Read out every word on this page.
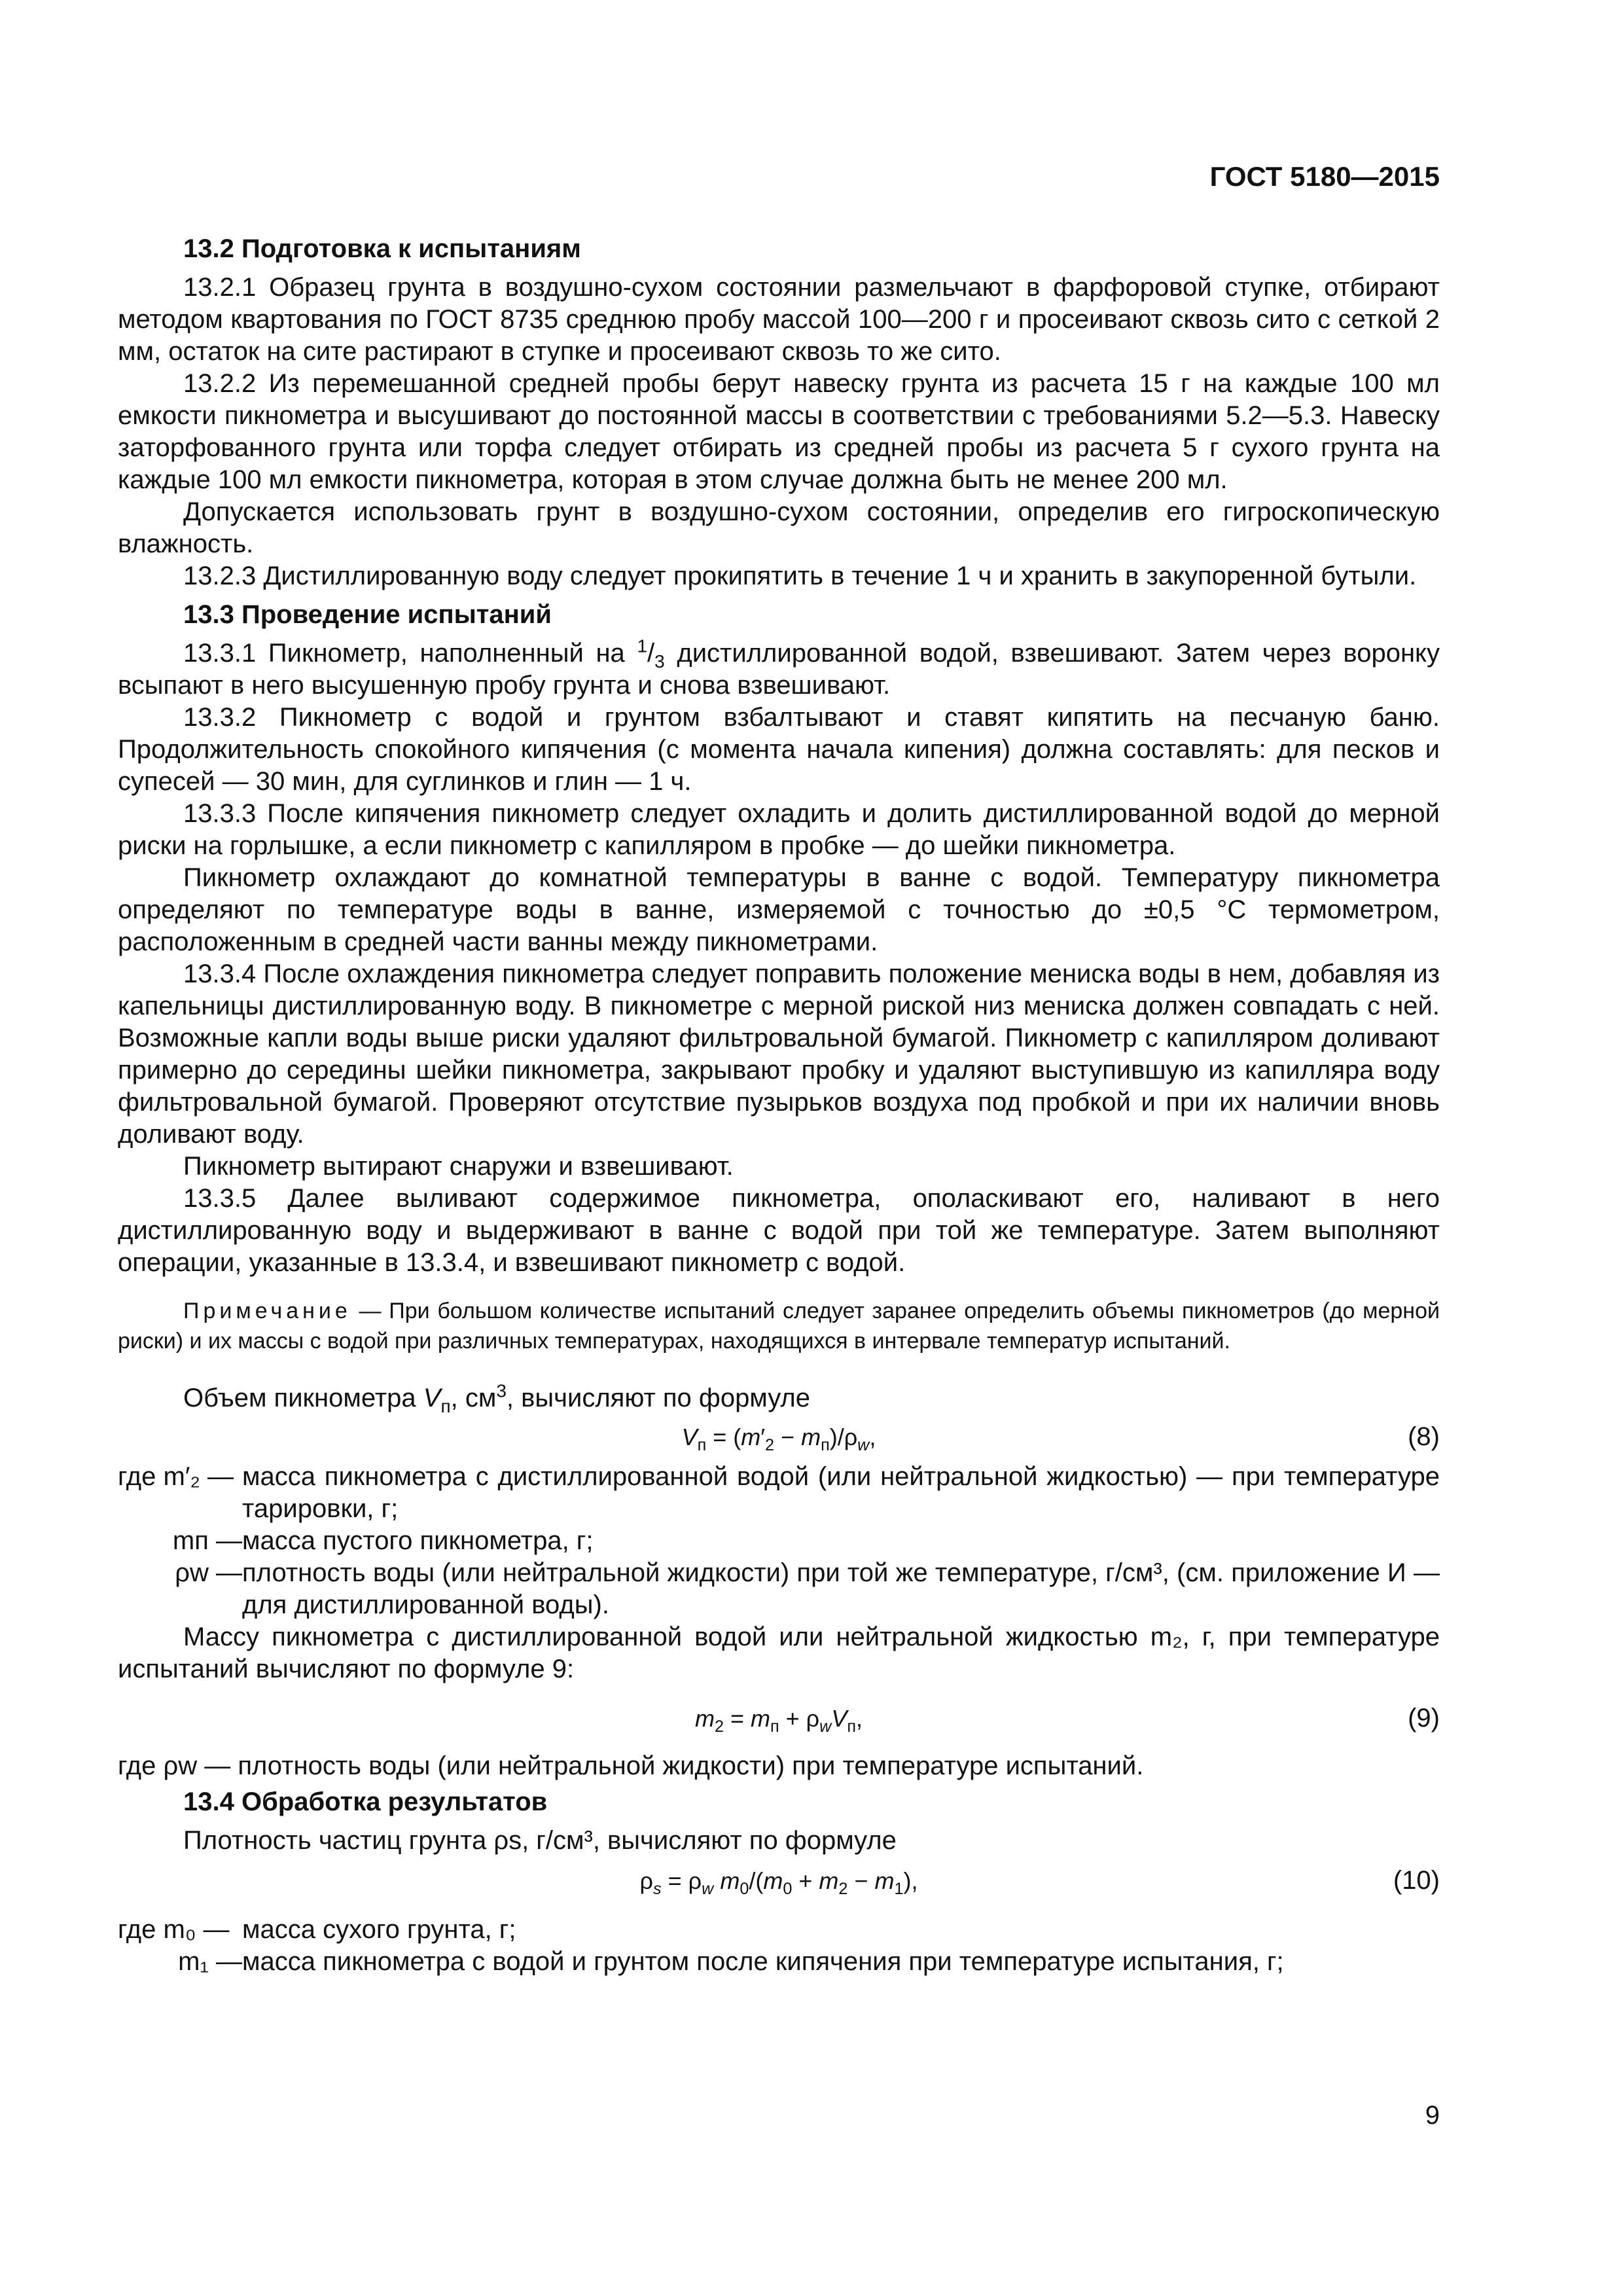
ГОСТ 5180—2015
13.2 Подготовка к испытаниям

13.2.1 Образец грунта в воздушно-сухом состоянии размельчают в фарфоровой ступке, отбирают методом квартования по ГОСТ 8735 среднюю пробу массой 100—200 г и просеивают сквозь сито с сеткой 2 мм, остаток на сите растирают в ступке и просеивают сквозь то же сито.

13.2.2 Из перемешанной средней пробы берут навеску грунта из расчета 15 г на каждые 100 мл емкости пикнометра и высушивают до постоянной массы в соответствии с требованиями 5.2—5.3. Навеску заторфованного грунта или торфа следует отбирать из средней пробы из расчета 5 г сухого грунта на каждые 100 мл емкости пикнометра, которая в этом случае должна быть не менее 200 мл.

Допускается использовать грунт в воздушно-сухом состоянии, определив его гигроскопическую влажность.

13.2.3 Дистиллированную воду следует прокипятить в течение 1 ч и хранить в закупоренной бутыли.

13.3 Проведение испытаний

13.3.1 Пикнометр, наполненный на $^1/_3$ дистиллированной водой, взвешивают. Затем через воронку всыпают в него высушенную пробу грунта и снова взвешивают.

13.3.2 Пикнометр с водой и грунтом взбалтывают и ставят кипятить на песчаную баню. Продолжительность спокойного кипячения (с момента начала кипения) должна составлять: для песков и супесей — 30 мин, для суглинков и глин — 1 ч.

13.3.3 После кипячения пикнометр следует охладить и долить дистиллированной водой до мерной риски на горлышке, а если пикнометр с капилляром в пробке — до шейки пикнометра.

Пикнометр охлаждают до комнатной температуры в ванне с водой. Температуру пикнометра определяют по температуре воды в ванне, измеряемой с точностью до ±0,5 °С термометром, расположенным в средней части ванны между пикнометрами.

13.3.4 После охлаждения пикнометра следует поправить положение мениска воды в нем, добавляя из капельницы дистиллированную воду. В пикнометре с мерной риской низ мениска должен совпадать с ней. Возможные капли воды выше риски удаляют фильтровальной бумагой. Пикнометр с капилляром доливают примерно до середины шейки пикнометра, закрывают пробку и удаляют выступившую из капилляра воду фильтровальной бумагой. Проверяют отсутствие пузырьков воздуха под пробкой и при их наличии вновь доливают воду.

Пикнометр вытирают снаружи и взвешивают.

13.3.5 Далее выливают содержимое пикнометра, ополаскивают его, наливают в него дистиллированную воду и выдерживают в ванне с водой при той же температуре. Затем выполняют операции, указанные в 13.3.4, и взвешивают пикнометр с водой.

Примечание — При большом количестве испытаний следует заранее определить объемы пикнометров (до мерной риски) и их массы с водой при различных температурах, находящихся в интервале температур испытаний.

Объем пикнометра $V_п$, $см^3$, вычисляют по формуле

$V_п = (m'_2 - m_п)/\rho_w$,	(8)
где m′₂ — масса пикнометра с дистиллированной водой (или нейтральной жидкостью) — при температуре тарировки, г;
mп — масса пустого пикнометра, г;
ρw — плотность воды (или нейтральной жидкости) при той же температуре, г/см³, (см. приложение И — для дистиллированной воды).

Массу пикнометра с дистиллированной водой или нейтральной жидкостью m₂, г, при температуре испытаний вычисляют по формуле 9:

$m_2 = m_п + \rho_wV_п$,	(9)

где ρw — плотность воды (или нейтральной жидкости) при температуре испытаний.

13.4 Обработка результатов

Плотность частиц грунта ρs, г/см³, вычисляют по формуле

$\rho_s = \rho_w$ $m_0/(m_0 + m_2 - m_1)$,	(10)
где m₀ — масса сухого грунта, г;
m₁ — масса пикнометра с водой и грунтом после кипячения при температуре испытания, г;
9
